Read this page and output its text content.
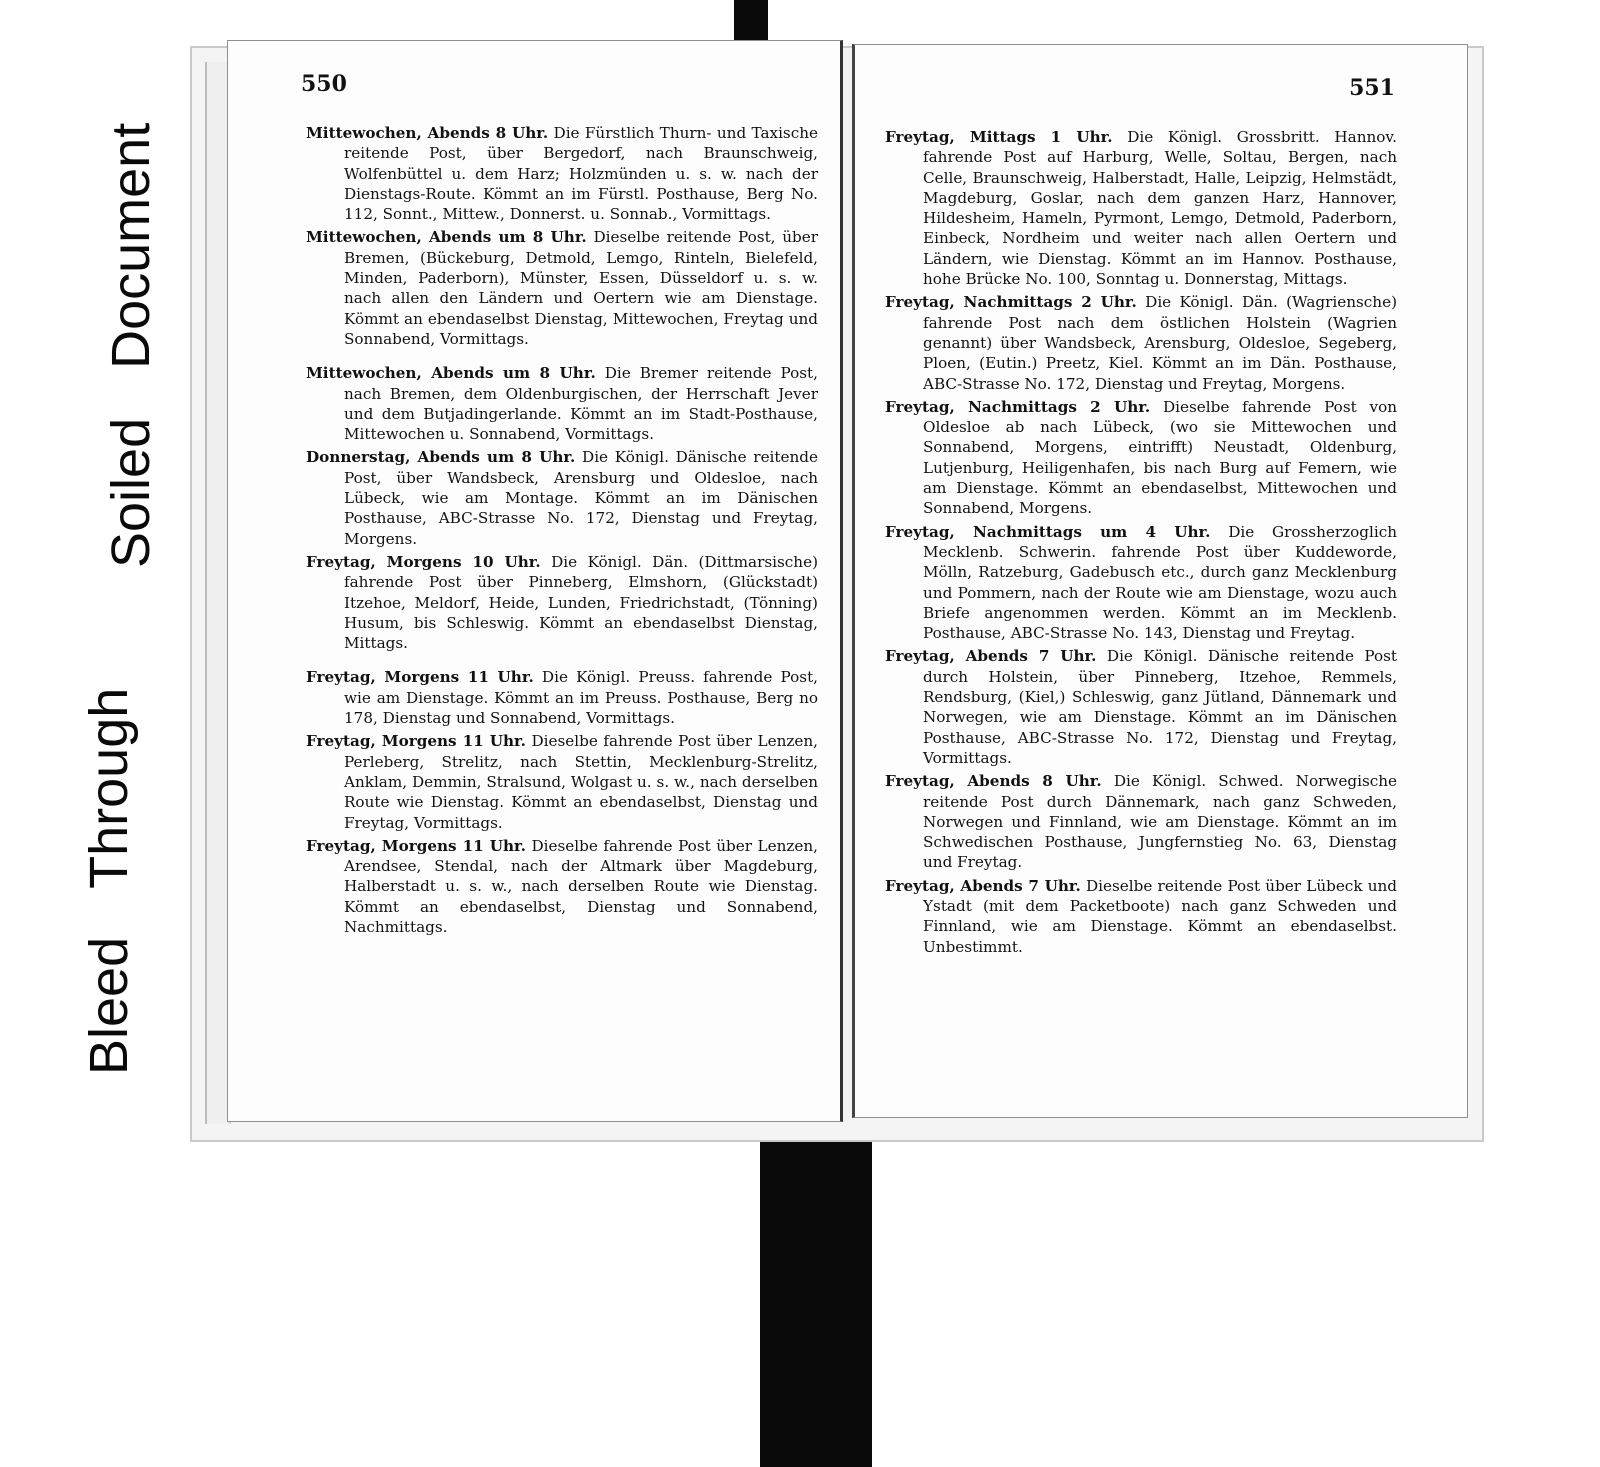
Bleed Through
Soiled Document
550

Mittewochen, Abends 8 Uhr. Die Fürstlich Thurn- und Taxische reitende Post, über Bergedorf, nach Braunschweig, Wolfenbüttel u. dem Harz; Holzmünden u. s. w. nach der Dienstags-Route. Kömmt an im Fürstl. Posthause, Berg No. 112, Sonnt., Mittew., Donnerst. u. Sonnab., Vormittags.

Mittewochen, Abends um 8 Uhr. Dieselbe reitende Post, über Bremen, (Bückeburg, Detmold, Lemgo, Rinteln, Bielefeld, Minden, Paderborn), Münster, Essen, Düsseldorf u. s. w. nach allen den Ländern und Oertern wie am Dienstage. Kömmt an ebendaselbst Dienstag, Mittewochen, Freytag und Sonnabend, Vormittags.

Mittewochen, Abends um 8 Uhr. Die Bremer reitende Post, nach Bremen, dem Oldenburgischen, der Herrschaft Jever und dem Butjadingerlande. Kömmt an im Stadt-Posthause, Mittewochen u. Sonnabend, Vormittags.

Donnerstag, Abends um 8 Uhr. Die Königl. Dänische reitende Post, über Wandsbeck, Arensburg und Oldesloe, nach Lübeck, wie am Montage. Kömmt an im Dänischen Posthause, ABC-Strasse No. 172, Dienstag und Freytag, Morgens.

Freytag, Morgens 10 Uhr. Die Königl. Dän. (Dittmarsische) fahrende Post über Pinneberg, Elmshorn, (Glückstadt) Itzehoe, Meldorf, Heide, Lunden, Friedrichstadt, (Tönning) Husum, bis Schleswig. Kömmt an ebendaselbst Dienstag, Mittags.

Freytag, Morgens 11 Uhr. Die Königl. Preuss. fahrende Post, wie am Dienstage. Kömmt an im Preuss. Posthause, Berg no 178, Dienstag und Sonnabend, Vormittags.

Freytag, Morgens 11 Uhr. Dieselbe fahrende Post über Lenzen, Perleberg, Strelitz, nach Stettin, Mecklenburg-Strelitz, Anklam, Demmin, Stralsund, Wolgast u. s. w., nach derselben Route wie Dienstag. Kömmt an ebendaselbst, Dienstag und Freytag, Vormittags.

Freytag, Morgens 11 Uhr. Dieselbe fahrende Post über Lenzen, Arendsee, Stendal, nach der Altmark über Magdeburg, Halberstadt u. s. w., nach derselben Route wie Dienstag. Kömmt an ebendaselbst, Dienstag und Sonnabend, Nachmittags.

551

Freytag, Mittags 1 Uhr. Die Königl. Grossbritt. Hannov. fahrende Post auf Harburg, Welle, Soltau, Bergen, nach Celle, Braunschweig, Halberstadt, Halle, Leipzig, Helmstädt, Magdeburg, Goslar, nach dem ganzen Harz, Hannover, Hildesheim, Hameln, Pyrmont, Lemgo, Detmold, Paderborn, Einbeck, Nordheim und weiter nach allen Oertern und Ländern, wie Dienstag. Kömmt an im Hannov. Posthause, hohe Brücke No. 100, Sonntag u. Donnerstag, Mittags.

Freytag, Nachmittags 2 Uhr. Die Königl. Dän. (Wagriensche) fahrende Post nach dem östlichen Holstein (Wagrien genannt) über Wandsbeck, Arensburg, Oldesloe, Segeberg, Ploen, (Eutin.) Preetz, Kiel. Kömmt an im Dän. Posthause, ABC-Strasse No. 172, Dienstag und Freytag, Morgens.

Freytag, Nachmittags 2 Uhr. Dieselbe fahrende Post von Oldesloe ab nach Lübeck, (wo sie Mittewochen und Sonnabend, Morgens, eintrifft) Neustadt, Oldenburg, Lutjenburg, Heiligenhafen, bis nach Burg auf Femern, wie am Dienstage. Kömmt an ebendaselbst, Mittewochen und Sonnabend, Morgens.

Freytag, Nachmittags um 4 Uhr. Die Grossherzoglich Mecklenb. Schwerin. fahrende Post über Kuddeworde, Mölln, Ratzeburg, Gadebusch etc., durch ganz Mecklenburg und Pommern, nach der Route wie am Dienstage, wozu auch Briefe angenommen werden. Kömmt an im Mecklenb. Posthause, ABC-Strasse No. 143, Dienstag und Freytag.

Freytag, Abends 7 Uhr. Die Königl. Dänische reitende Post durch Holstein, über Pinneberg, Itzehoe, Remmels, Rendsburg, (Kiel,) Schleswig, ganz Jütland, Dännemark und Norwegen, wie am Dienstage. Kömmt an im Dänischen Posthause, ABC-Strasse No. 172, Dienstag und Freytag, Vormittags.

Freytag, Abends 8 Uhr. Die Königl. Schwed. Norwegische reitende Post durch Dännemark, nach ganz Schweden, Norwegen und Finnland, wie am Dienstage. Kömmt an im Schwedischen Posthause, Jungfernstieg No. 63, Dienstag und Freytag.

Freytag, Abends 7 Uhr. Dieselbe reitende Post über Lübeck und Ystadt (mit dem Packetboote) nach ganz Schweden und Finnland, wie am Dienstage. Kömmt an ebendaselbst. Unbestimmt.
